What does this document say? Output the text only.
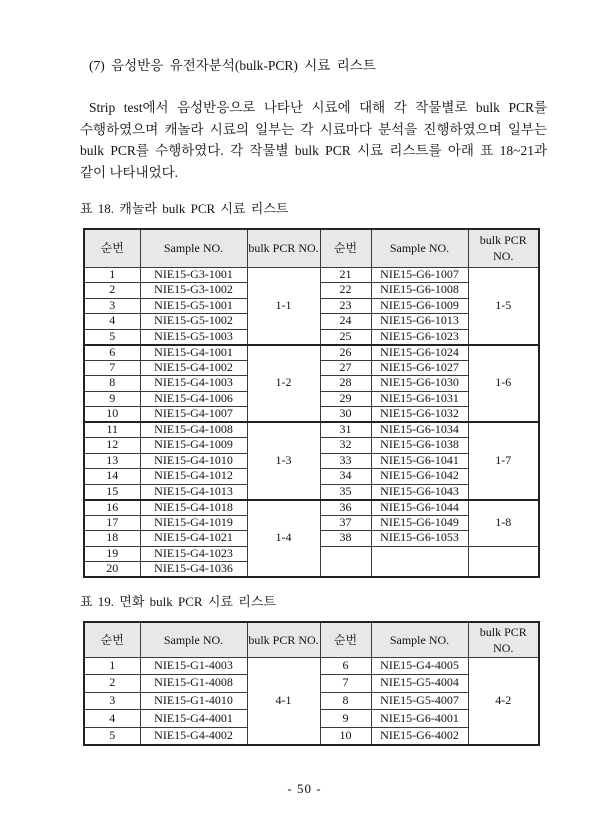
(7) 음성반응 유전자분석(bulk-PCR) 시료 리스트
Strip test에서 음성반응으로 나타난 시료에 대해 각 작물별로 bulk PCR를
수행하였으며 캐놀라 시료의 일부는 각 시료마다 분석을 진행하였으며 일부는
bulk PCR를 수행하였다. 각 작물별 bulk PCR 시료 리스트를 아래 표 18~21과
같이 나타내었다.
표 18. 캐놀라 bulk PCR 시료 리스트
순번	Sample NO.	bulk PCR NO.	순번	Sample NO.	bulk PCR NO.
1	NIE15-G3-1001	1-1	21	NIE15-G6-1007	1-5
2	NIE15-G3-1002		22	NIE15-G6-1008	
3	NIE15-G5-1001		23	NIE15-G6-1009	
4	NIE15-G5-1002		24	NIE15-G6-1013	
5	NIE15-G5-1003		25	NIE15-G6-1023	
6	NIE15-G4-1001	1-2	26	NIE15-G6-1024	1-6
7	NIE15-G4-1002		27	NIE15-G6-1027	
8	NIE15-G4-1003		28	NIE15-G6-1030	
9	NIE15-G4-1006		29	NIE15-G6-1031	
10	NIE15-G4-1007		30	NIE15-G6-1032	
11	NIE15-G4-1008	1-3	31	NIE15-G6-1034	1-7
12	NIE15-G4-1009		32	NIE15-G6-1038	
13	NIE15-G4-1010		33	NIE15-G6-1041	
14	NIE15-G4-1012		34	NIE15-G6-1042	
15	NIE15-G4-1013		35	NIE15-G6-1043	
16	NIE15-G4-1018	1-4	36	NIE15-G6-1044	1-8
17	NIE15-G4-1019		37	NIE15-G6-1049	
18	NIE15-G4-1021		38	NIE15-G6-1053	
19	NIE15-G4-1023				
20	NIE15-G4-1036				
표 19. 면화 bulk PCR 시료 리스트
순번	Sample NO.	bulk PCR NO.	순번	Sample NO.	bulk PCR NO.
1	NIE15-G1-4003	4-1	6	NIE15-G4-4005	4-2
2	NIE15-G1-4008		7	NIE15-G5-4004	
3	NIE15-G1-4010		8	NIE15-G5-4007	
4	NIE15-G4-4001		9	NIE15-G6-4001	
5	NIE15-G4-4002		10	NIE15-G6-4002	
- 50 -
